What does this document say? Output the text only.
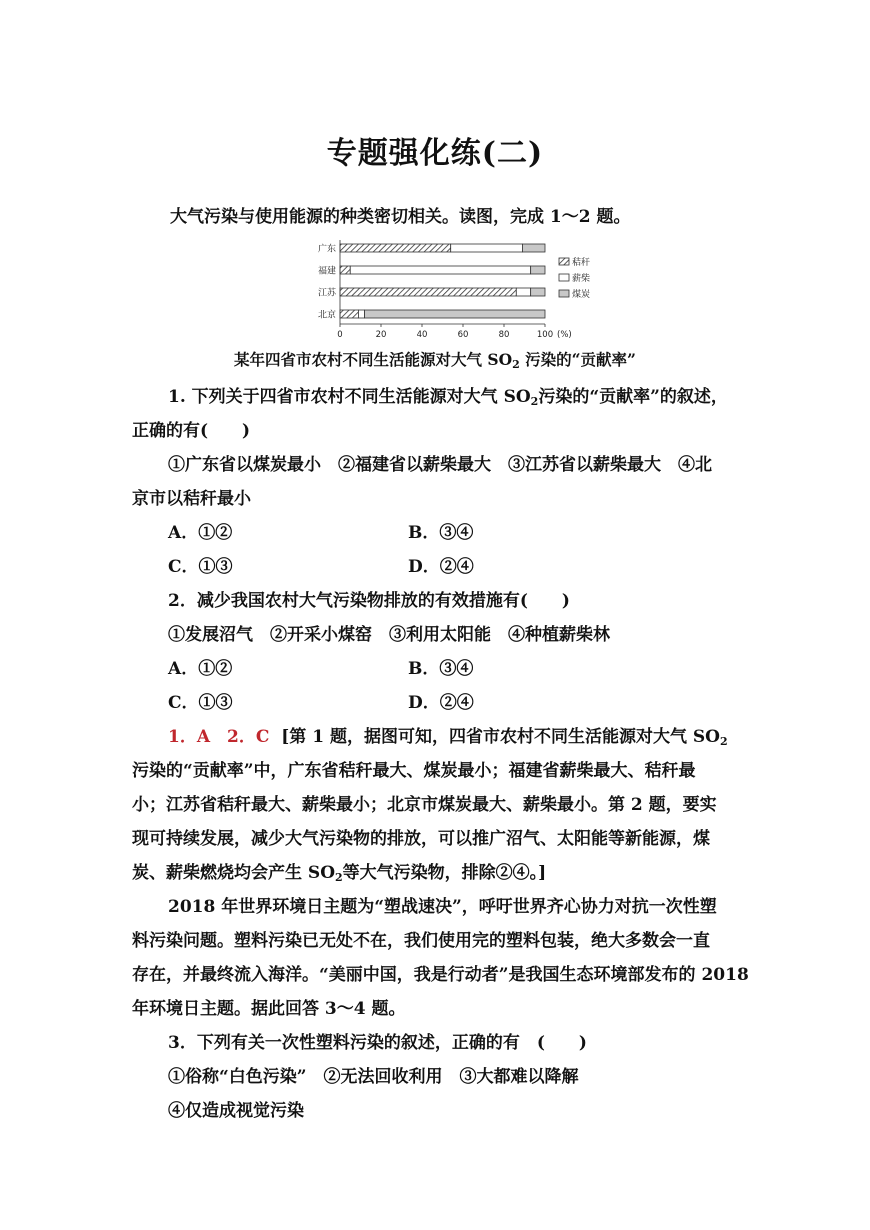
专题强化练(二)
大气污染与使用能源的种类密切相关。读图，完成 1～2 题。
广东
福建
江苏
北京
0	20	40	60	80	100 (%)
秸秆
薪柴
煤炭
某年四省市农村不同生活能源对大气 $SO_2$ 污染的“贡献率”
1. 下列关于四省市农村不同生活能源对大气 $SO_2$污染的“贡献率”的叙述，
正确的有(　　)
①广东省以煤炭最小　②福建省以薪柴最大　③江苏省以薪柴最大　④北
京市以秸秆最小
A．①②	B．③④
C．①③	D．②④
2．减少我国农村大气污染物排放的有效措施有(　　)
①发展沼气　②开采小煤窑　③利用太阳能　④种植薪柴林
A．①②	B．③④
C．①③	D．②④
1．A　2．C [第 1 题，据图可知，四省市农村不同生活能源对大气 $SO_2$
污染的“贡献率”中，广东省秸秆最大、煤炭最小；福建省薪柴最大、秸秆最
小；江苏省秸秆最大、薪柴最小；北京市煤炭最大、薪柴最小。第 2 题，要实
现可持续发展，减少大气污染物的排放，可以推广沼气、太阳能等新能源，煤
炭、薪柴燃烧均会产生 $SO_2$等大气污染物，排除②④。]
2018 年世界环境日主题为“塑战速决”，呼吁世界齐心协力对抗一次性塑
料污染问题。塑料污染已无处不在，我们使用完的塑料包装，绝大多数会一直
存在，并最终流入海洋。“美丽中国，我是行动者”是我国生态环境部发布的 2018
年环境日主题。据此回答 3～4 题。
3．下列有关一次性塑料污染的叙述，正确的有　(　　)
①俗称“白色污染”　②无法回收利用　③大都难以降解
④仅造成视觉污染
